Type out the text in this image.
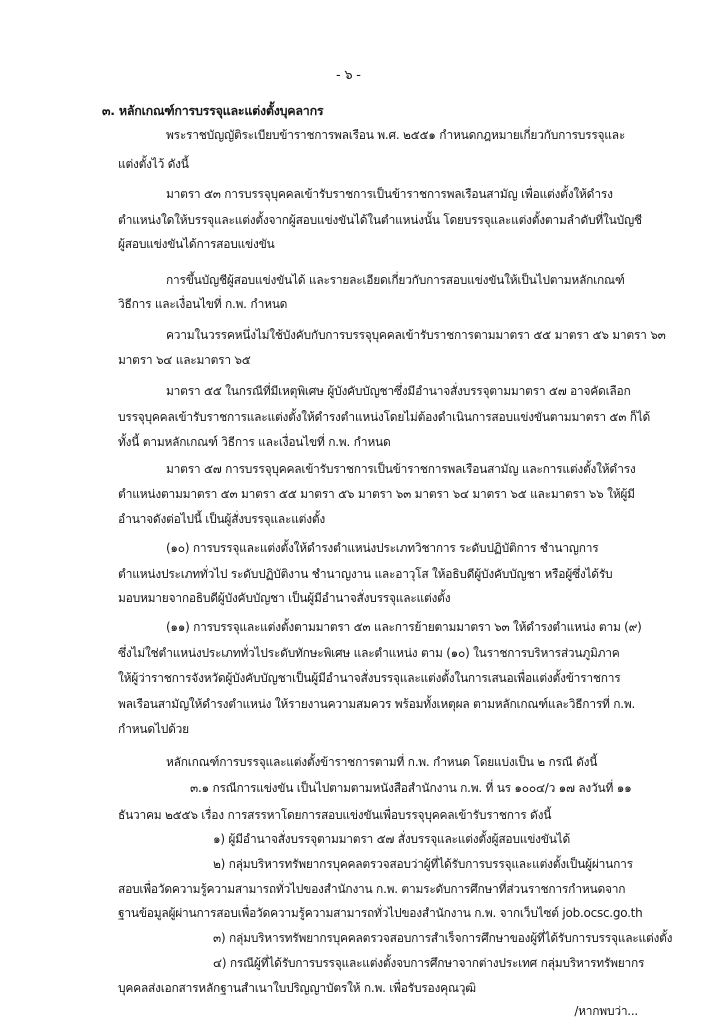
- ๖ -
๓. หลักเกณฑ์การบรรจุและแต่งตั้งบุคลากร
พระราชบัญญัติระเบียบข้าราชการพลเรือน พ.ศ. ๒๕๕๑ กำหนดกฎหมายเกี่ยวกับการบรรจุและ
แต่งตั้งไว้ ดังนี้
มาตรา ๕๓ การบรรจุบุคคลเข้ารับราชการเป็นข้าราชการพลเรือนสามัญ เพื่อแต่งตั้งให้ดำรง
ตำแหน่งใดให้บรรจุและแต่งตั้งจากผู้สอบแข่งขันได้ในตำแหน่งนั้น โดยบรรจุและแต่งตั้งตามลำดับที่ในบัญชี
ผู้สอบแข่งขันได้การสอบแข่งขัน
การขึ้นบัญชีผู้สอบแข่งขันได้ และรายละเอียดเกี่ยวกับการสอบแข่งขันให้เป็นไปตามหลักเกณฑ์
วิธีการ และเงื่อนไขที่ ก.พ. กำหนด
ความในวรรคหนึ่งไม่ใช้บังคับกับการบรรจุบุคคลเข้ารับราชการตามมาตรา ๕๕ มาตรา ๕๖ มาตรา ๖๓
มาตรา ๖๔ และมาตรา ๖๕
มาตรา ๕๕ ในกรณีที่มีเหตุพิเศษ ผู้บังคับบัญชาซึ่งมีอำนาจสั่งบรรจุตามมาตรา ๕๗ อาจคัดเลือก
บรรจุบุคคลเข้ารับราชการและแต่งตั้งให้ดำรงตำแหน่งโดยไม่ต้องดำเนินการสอบแข่งขันตามมาตรา ๕๓ ก็ได้
ทั้งนี้ ตามหลักเกณฑ์ วิธีการ และเงื่อนไขที่ ก.พ. กำหนด
มาตรา ๕๗ การบรรจุบุคคลเข้ารับราชการเป็นข้าราชการพลเรือนสามัญ และการแต่งตั้งให้ดำรง
ตำแหน่งตามมาตรา ๕๓ มาตรา ๕๕ มาตรา ๕๖ มาตรา ๖๓ มาตรา ๖๔ มาตรา ๖๕ และมาตรา ๖๖ ให้ผู้มี
อำนาจดังต่อไปนี้ เป็นผู้สั่งบรรจุและแต่งตั้ง
(๑๐) การบรรจุและแต่งตั้งให้ดำรงตำแหน่งประเภทวิชาการ ระดับปฏิบัติการ ชำนาญการ
ตำแหน่งประเภททั่วไป ระดับปฏิบัติงาน ชำนาญงาน และอาวุโส ให้อธิบดีผู้บังคับบัญชา หรือผู้ซึ่งได้รับ
มอบหมายจากอธิบดีผู้บังคับบัญชา เป็นผู้มีอำนาจสั่งบรรจุและแต่งตั้ง
(๑๑) การบรรจุและแต่งตั้งตามมาตรา ๕๓ และการย้ายตามมาตรา ๖๓ ให้ดำรงตำแหน่ง ตาม (๙)
ซึ่งไม่ใช่ตำแหน่งประเภททั่วไประดับทักษะพิเศษ และตำแหน่ง ตาม (๑๐) ในราชการบริหารส่วนภูมิภาค
ให้ผู้ว่าราชการจังหวัดผู้บังคับบัญชาเป็นผู้มีอำนาจสั่งบรรจุและแต่งตั้งในการเสนอเพื่อแต่งตั้งข้าราชการ
พลเรือนสามัญให้ดำรงตำแหน่ง ให้รายงานความสมควร พร้อมทั้งเหตุผล ตามหลักเกณฑ์และวิธีการที่ ก.พ.
กำหนดไปด้วย
หลักเกณฑ์การบรรจุและแต่งตั้งข้าราชการตามที่ ก.พ. กำหนด โดยแบ่งเป็น ๒ กรณี ดังนี้
๓.๑ กรณีการแข่งขัน เป็นไปตามตามหนังสือสำนักงาน ก.พ. ที่ นร ๑๐๐๔/ว ๑๗ ลงวันที่ ๑๑
ธันวาคม ๒๕๕๖ เรื่อง การสรรหาโดยการสอบแข่งขันเพื่อบรรจุบุคคลเข้ารับราชการ ดังนี้
๑) ผู้มีอำนาจสั่งบรรจุตามมาตรา ๕๗ สั่งบรรจุและแต่งตั้งผู้สอบแข่งขันได้
๒) กลุ่มบริหารทรัพยากรบุคคลตรวจสอบว่าผู้ที่ได้รับการบรรจุและแต่งตั้งเป็นผู้ผ่านการ
สอบเพื่อวัดความรู้ความสามารถทั่วไปของสำนักงาน ก.พ. ตามระดับการศึกษาที่ส่วนราชการกำหนดจาก
ฐานข้อมูลผู้ผ่านการสอบเพื่อวัดความรู้ความสามารถทั่วไปของสำนักงาน ก.พ. จากเว็บไซต์ job.ocsc.go.th
๓) กลุ่มบริหารทรัพยากรบุคคลตรวจสอบการสำเร็จการศึกษาของผู้ที่ได้รับการบรรจุและแต่งตั้ง
๔) กรณีผู้ที่ได้รับการบรรจุและแต่งตั้งจบการศึกษาจากต่างประเทศ กลุ่มบริหารทรัพยากร
บุคคลส่งเอกสารหลักฐานสำเนาใบปริญญาบัตรให้ ก.พ. เพื่อรับรองคุณวุฒิ
/หากพบว่า...
